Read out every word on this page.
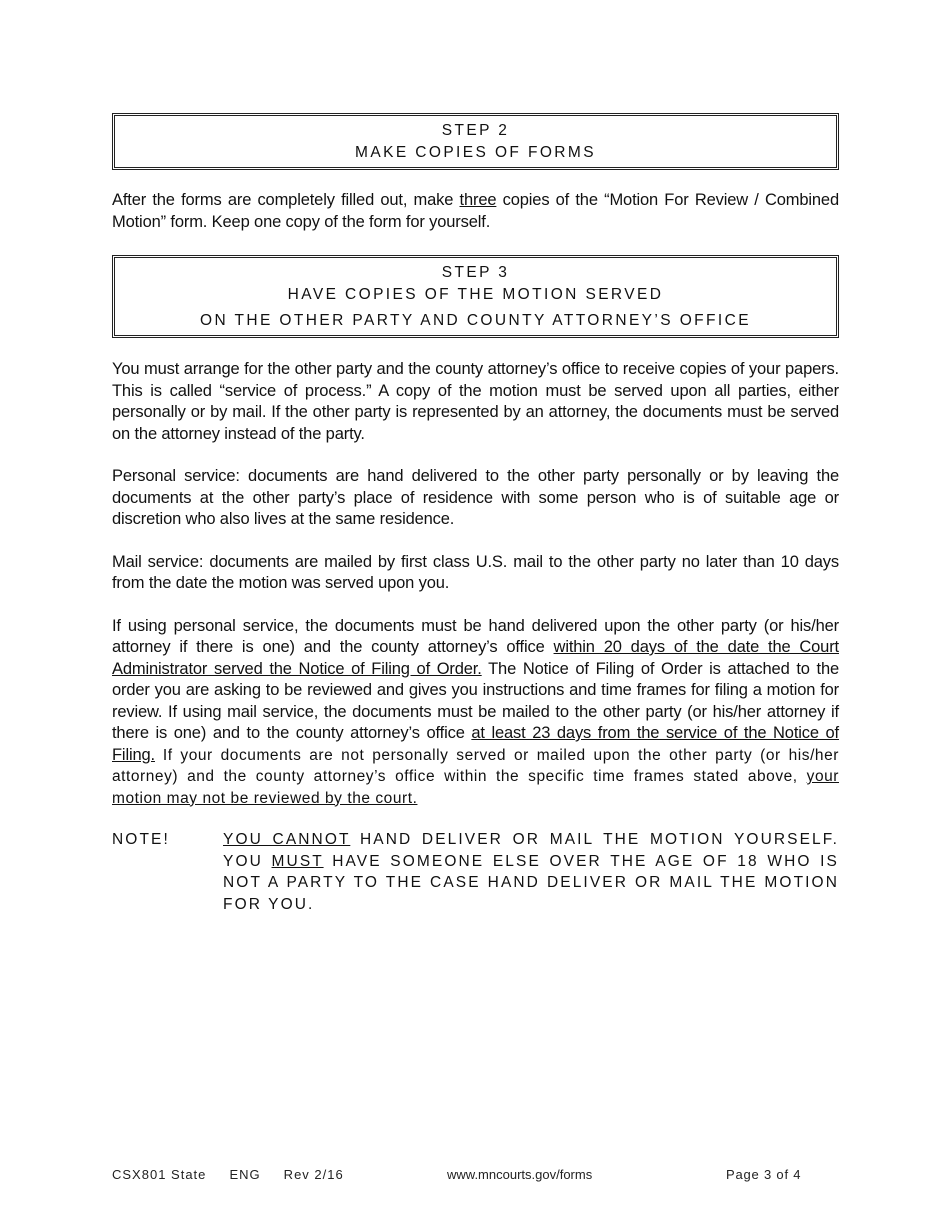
STEP 2
MAKE COPIES OF FORMS

After the forms are completely filled out, make three copies of the “Motion For Review / Combined Motion” form. Keep one copy of the form for yourself.

STEP 3
HAVE COPIES OF THE MOTION SERVED
ON THE OTHER PARTY AND COUNTY ATTORNEY’S OFFICE

You must arrange for the other party and the county attorney’s office to receive copies of your papers. This is called “service of process.” A copy of the motion must be served upon all parties, either personally or by mail. If the other party is represented by an attorney, the documents must be served on the attorney instead of the party.

Personal service: documents are hand delivered to the other party personally or by leaving the documents at the other party’s place of residence with some person who is of suitable age or discretion who also lives at the same residence.

Mail service: documents are mailed by first class U.S. mail to the other party no later than 10 days from the date the motion was served upon you.

If using personal service, the documents must be hand delivered upon the other party (or his/her attorney if there is one) and the county attorney’s office within 20 days of the date the Court Administrator served the Notice of Filing of Order. The Notice of Filing of Order is attached to the order you are asking to be reviewed and gives you instructions and time frames for filing a motion for review. If using mail service, the documents must be mailed to the other party (or his/her attorney if there is one) and to the county attorney’s office at least 23 days from the service of the Notice of Filing. If your documents are not personally served or mailed upon the other party (or his/her attorney) and the county attorney’s office within the specific time frames stated above, your motion may not be reviewed by the court.

NOTE!	YOU CANNOT HAND DELIVER OR MAIL THE MOTION YOURSELF. YOU MUST HAVE SOMEONE ELSE OVER THE AGE OF 18 WHO IS NOT A PARTY TO THE CASE HAND DELIVER OR MAIL THE MOTION FOR YOU.
CSX801 State     ENG     Rev 2/16	www.mncourts.gov/forms	Page 3 of 4
